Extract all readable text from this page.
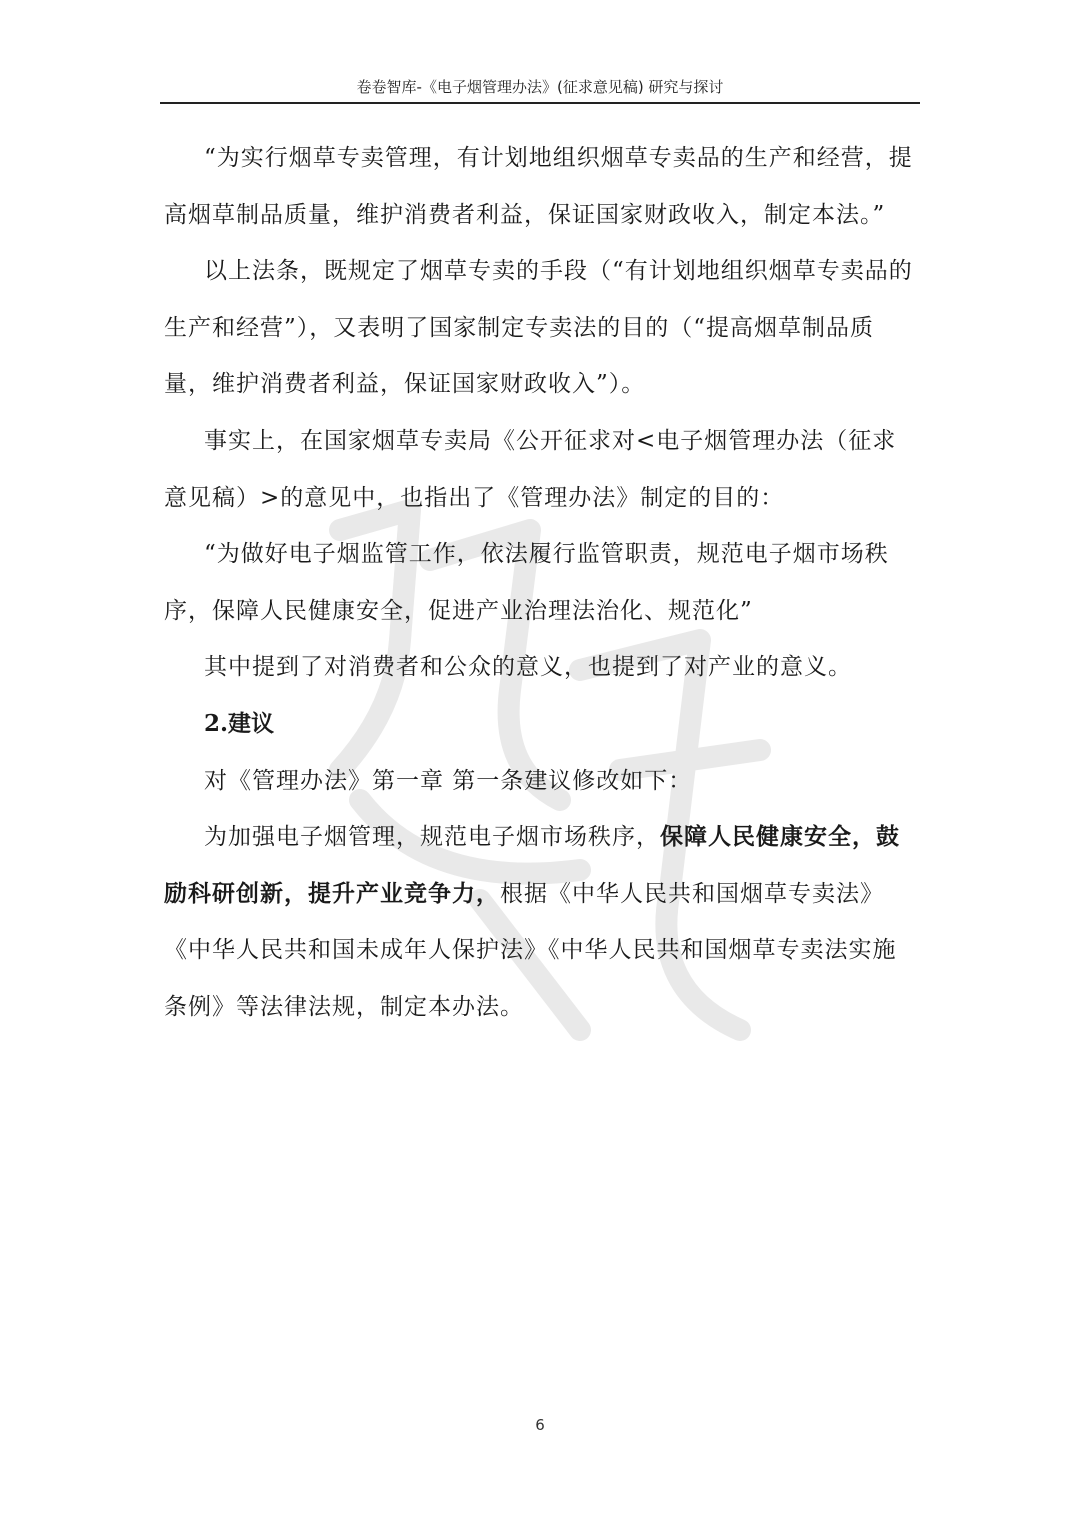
卷卷智库-《电子烟管理办法》(征求意见稿) 研究与探讨

“为实行烟草专卖管理，有计划地组织烟草专卖品的生产和经营，提高烟草制品质量，维护消费者利益，保证国家财政收入，制定本法。”

以上法条，既规定了烟草专卖的手段（“有计划地组织烟草专卖品的生产和经营”），又表明了国家制定专卖法的目的（“提高烟草制品质量，维护消费者利益，保证国家财政收入”）。

事实上，在国家烟草专卖局《公开征求对<电子烟管理办法（征求意见稿）>的意见中，也指出了《管理办法》制定的目的：

“为做好电子烟监管工作，依法履行监管职责，规范电子烟市场秩序，保障人民健康安全，促进产业治理法治化、规范化”

其中提到了对消费者和公众的意义，也提到了对产业的意义。

2.建议

对《管理办法》第一章 第一条建议修改如下：

为加强电子烟管理，规范电子烟市场秩序，保障人民健康安全，鼓励科研创新，提升产业竞争力，根据《中华人民共和国烟草专卖法》《中华人民共和国未成年人保护法》《中华人民共和国烟草专卖法实施条例》等法律法规，制定本办法。

6
